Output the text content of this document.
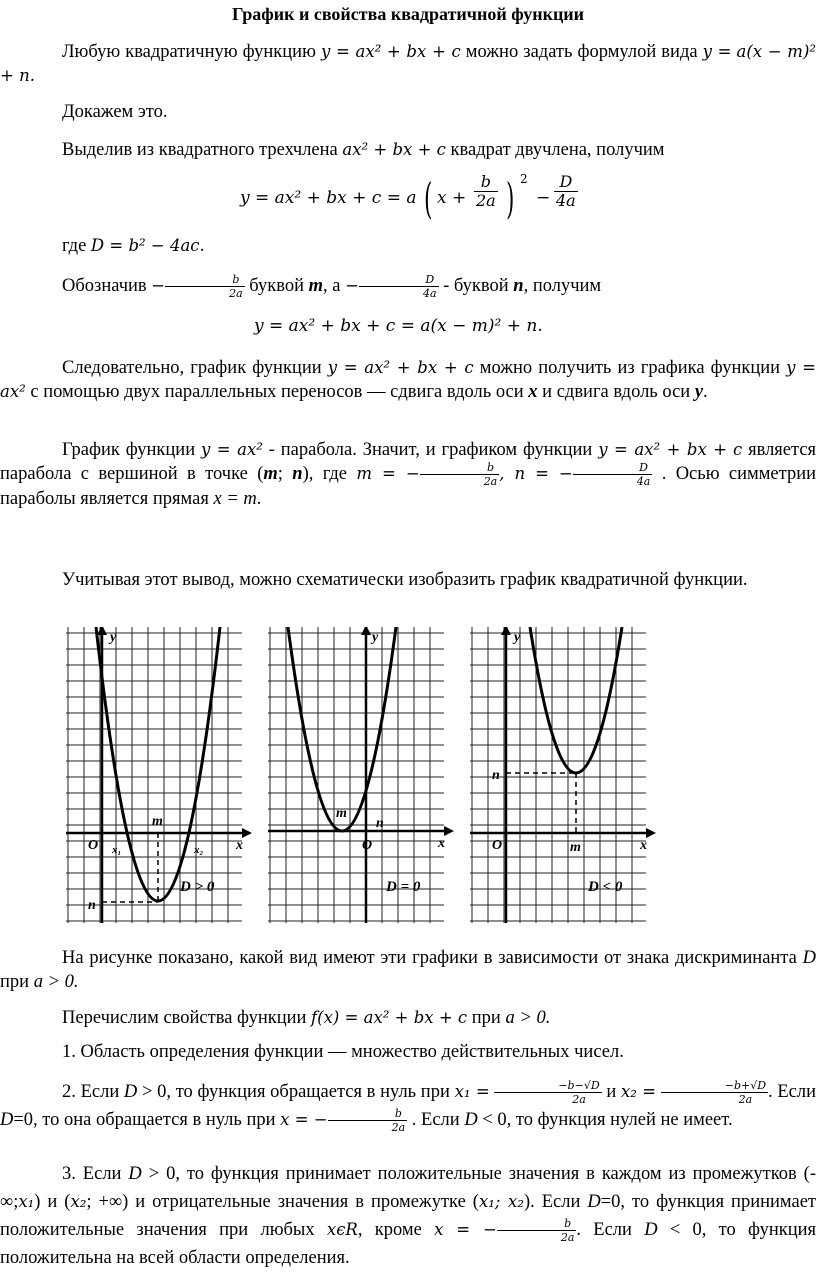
График и свойства квадратичной функции
Любую квадратичную функцию y = ax² + bx + c можно задать формулой вида y = a(x − m)² + n.
Докажем это.
Выделив из квадратного трехчлена ax² + bx + c квадрат двучлена, получим
y = ax² + bx + c = a ( $x + \frac{b}{2a}$ ) 2
− $\frac{D}{4a}$
где D = b² − 4ac.
Обозначив − $\frac{b}{2a}$ буквой m, $а - \frac{D}{4a}$ - буквой n, получим
y = ax² + bx + c = a(x − m)² + n.
Следовательно, график функции y = ax² + bx + c можно получить из графика функции y = ax² с помощью двух параллельных переносов — сдвига вдоль оси x и сдвига вдоль оси y.
График функции y = ax² - парабола. Значит, и графиком функции y = ax² + bx + c является парабола с вершиной в точке (m; n), где m = − $\frac{b}{2a}$ , n = − $\frac{D}{4a}$ . Осью симметрии параболы является прямая x = m.
Учитывая этот вывод, можно схематически изобразить график квадратичной функции.
y
x
O
m
n
x₁	x₂
D > 0
y
x
O
m
n
D = 0
y
x
O	m
n
D < 0
На рисунке показано, какой вид имеют эти графики в зависимости от знака дискриминанта D при a > 0.
Перечислим свойства функции f(x) = ax² + bx + c при a > 0.
1. Область определения функции — множество действительных чисел.
2. Если D > 0, то функция обращается в нуль при $x_1 = \frac{-b-√D}{2a}$ и $x_2 = \frac{-b+√D}{2a}$ . Если D=0, то она обращается в нуль при x = − $\frac{b}{2a}$ . Если D < 0, то функция нулей не имеет.
3. Если D > 0, то функция принимает положительные значения в каждом из промежутков (-∞;x₁) и (x₂; +∞) и отрицательные значения в промежутке (x₁; x₂). Если D=0, то функция принимает положительные значения при любых xϵR, кроме x = − $\frac{b}{2a}$ . Если D < 0, то функция положительна на всей области определения.
